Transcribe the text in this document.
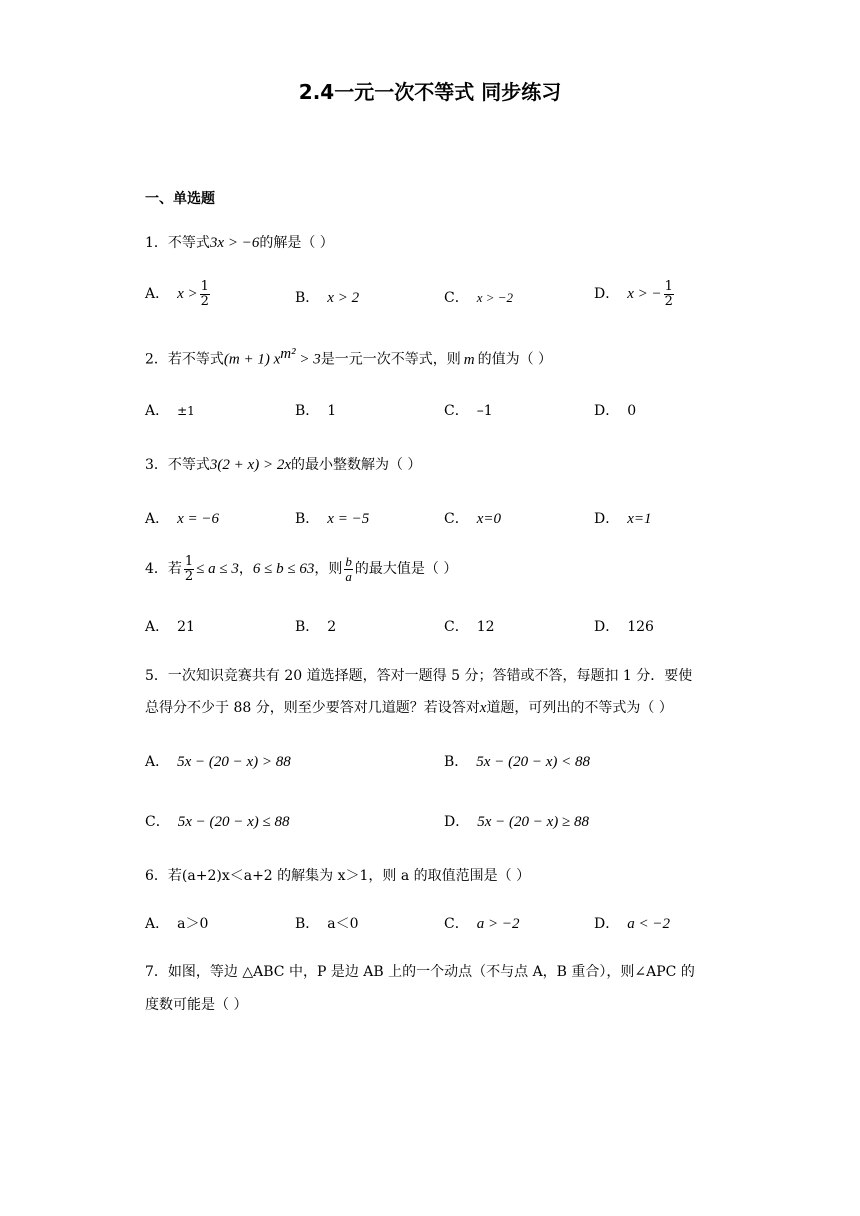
2.4一元一次不等式 同步练习
一、单选题
1．不等式3x > −6的解是（ ）
A． $x > \frac{1}{2}$	B． x > 2	C． x > −2	D． x > − $\frac{1}{2}$
2．若不等式(m + 1) $x^{m^2} > 3$是一元一次不等式，则 m 的值为（ ）
A． ±1	B． 1	C． –1	D． 0
3．不等式3(2 + x) > 2x的最小整数解为（ ）
A． x = −6	B． x = −5	C． x=0	D． x=1
4．若 $\frac{1}{2} \le a \le 3$，6 ≤ b ≤ 63，则 $\frac{b}{a}$ 的最大值是（ ）
A． 21	B． 2	C． 12	D． 126
5．一次知识竞赛共有 20 道选择题，答对一题得 5 分；答错或不答，每题扣 1 分．要使
总得分不少于 88 分，则至少要答对几道题？若设答对x道题，可列出的不等式为（ ）
A． 5x − (20 − x) > 88	B． 5x − (20 − x) < 88
C． 5x − (20 − x) ≤ 88	D． 5x − (20 − x) ≥ 88
6．若(a+2)x＜a+2 的解集为 x＞1，则 a 的取值范围是（ ）
A． a＞0	B． a＜0	C． a > −2	D． a < −2
7．如图，等边 △ABC 中，P 是边 AB 上的一个动点（不与点 A，B 重合），则∠APC 的
度数可能是（ ）
